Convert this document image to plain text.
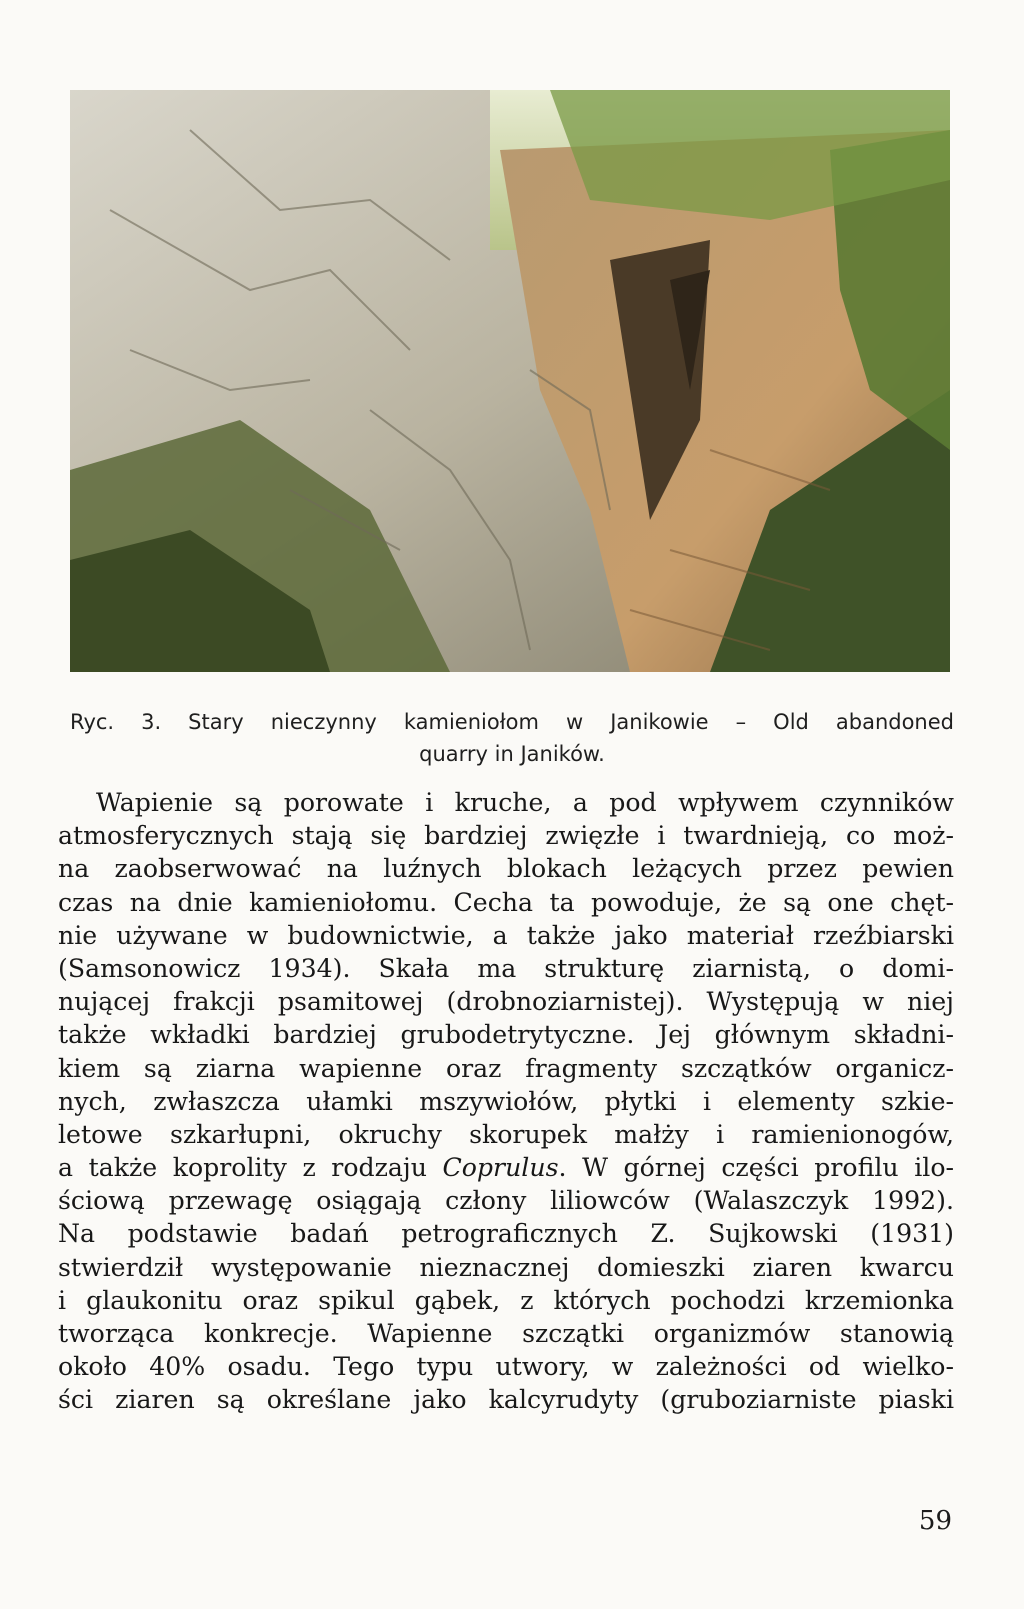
Ryc. 3. Stary nieczynny kamieniołom w Janikowie – Old abandoned
quarry in Janików.
Wapienie są porowate i kruche, a pod wpływem czynników
atmosferycznych stają się bardziej zwięzłe i twardnieją, co moż-
na zaobserwować na luźnych blokach leżących przez pewien
czas na dnie kamieniołomu. Cecha ta powoduje, że są one chęt-
nie używane w budownictwie, a także jako materiał rzeźbiarski
(Samsonowicz 1934). Skała ma strukturę ziarnistą, o domi-
nującej frakcji psamitowej (drobnoziarnistej). Występują w niej
także wkładki bardziej grubodetrytyczne. Jej głównym składni-
kiem są ziarna wapienne oraz fragmenty szczątków organicz-
nych, zwłaszcza ułamki mszywiołów, płytki i elementy szkie-
letowe szkarłupni, okruchy skorupek małży i ramienionogów,
a także koprolity z rodzaju Coprulus. W górnej części profilu ilo-
ściową przewagę osiągają człony liliowców (Walaszczyk 1992).
Na podstawie badań petrograficznych Z. Sujkowski (1931)
stwierdził występowanie nieznacznej domieszki ziaren kwarcu
i glaukonitu oraz spikul gąbek, z których pochodzi krzemionka
tworząca konkrecje. Wapienne szczątki organizmów stanowią
około 40% osadu. Tego typu utwory, w zależności od wielko-
ści ziaren są określane jako kalcyrudyty (gruboziarniste piaski
59
